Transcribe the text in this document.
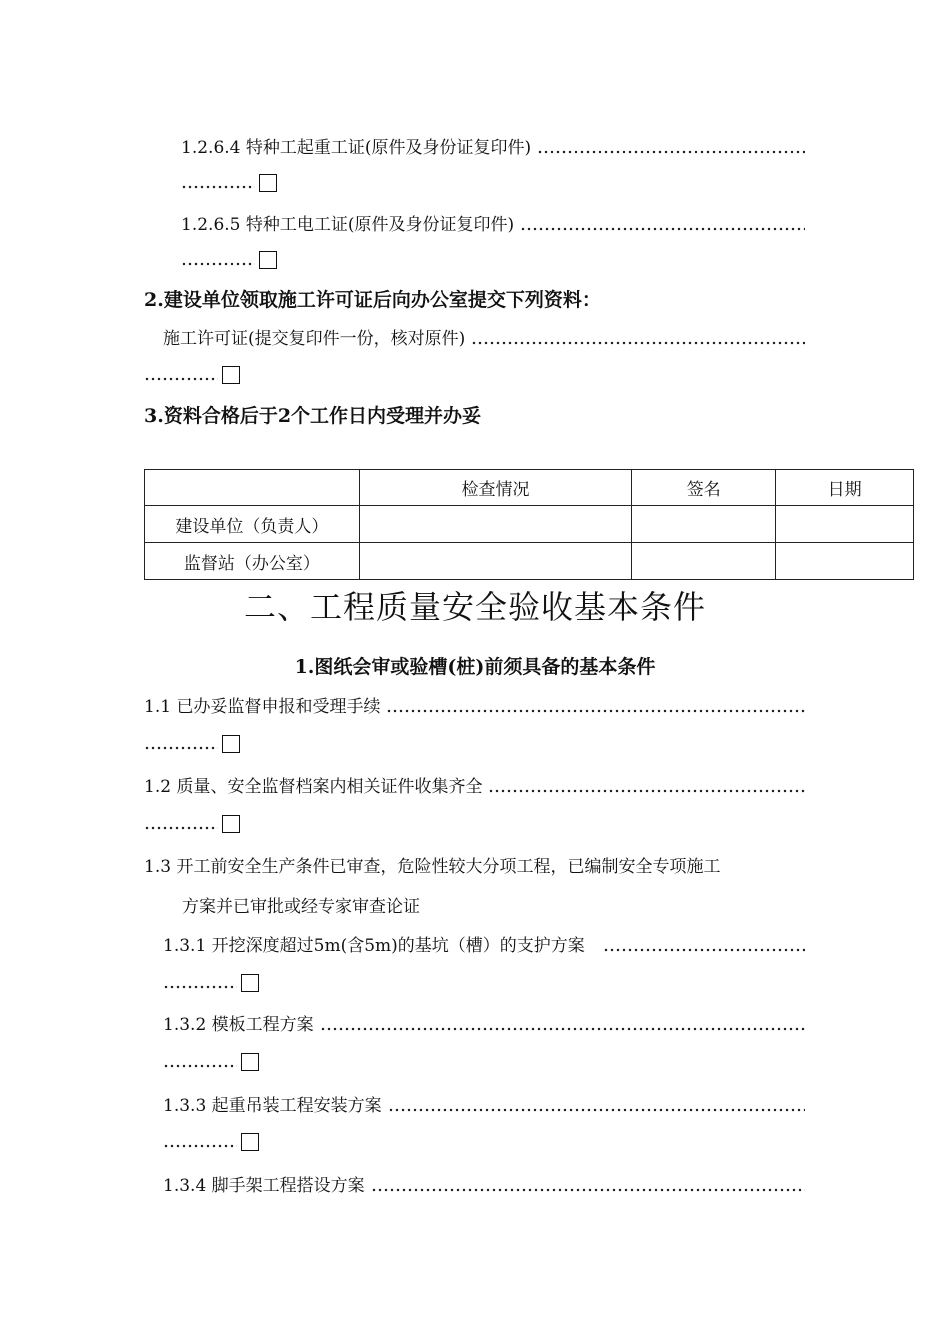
1.2.6.4 特种工起重工证(原件及身份证复印件)
1.2.6.5 特种工电工证(原件及身份证复印件)
2.建设单位领取施工许可证后向办公室提交下列资料：
施工许可证(提交复印件一份，核对原件)
3.资料合格后于2个工作日内受理并办妥
	检查情况	签名	日期
建设单位（负责人）			
监督站（办公室）			
二、工程质量安全验收基本条件
1.图纸会审或验槽(桩)前须具备的基本条件
1.1 已办妥监督申报和受理手续
1.2 质量、安全监督档案内相关证件收集齐全
1.3 开工前安全生产条件已审查，危险性较大分项工程，已编制安全专项施工
方案并已审批或经专家审查论证
1.3.1 开挖深度超过5m(含5m)的基坑（槽）的支护方案
1.3.2 模板工程方案
1.3.3 起重吊装工程安装方案
1.3.4 脚手架工程搭设方案
